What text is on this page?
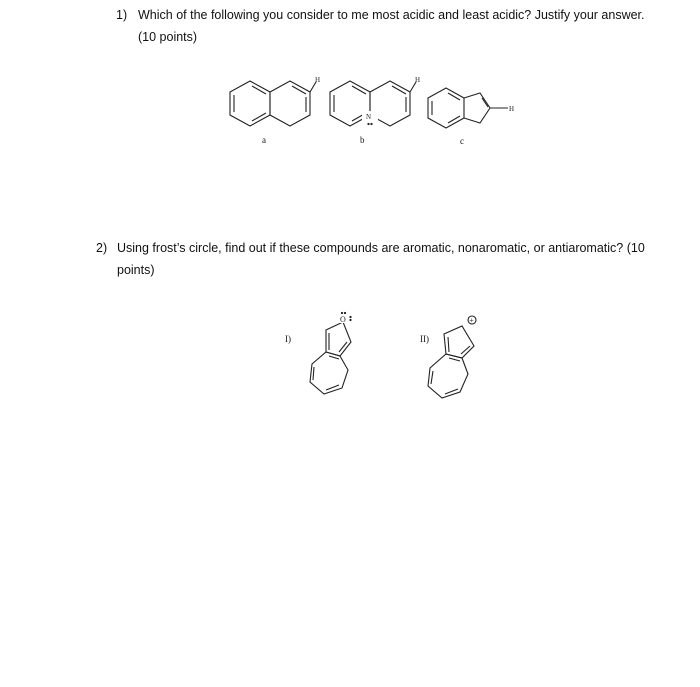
1) Which of the following you consider to me most acidic and least acidic? Justify your answer.
(10 points)
H
a
N
H
b
H
c
2) Using frost’s circle, find out if these compounds are aromatic, nonaromatic, or antiaromatic? (10
points)
I)
O
II)
+
